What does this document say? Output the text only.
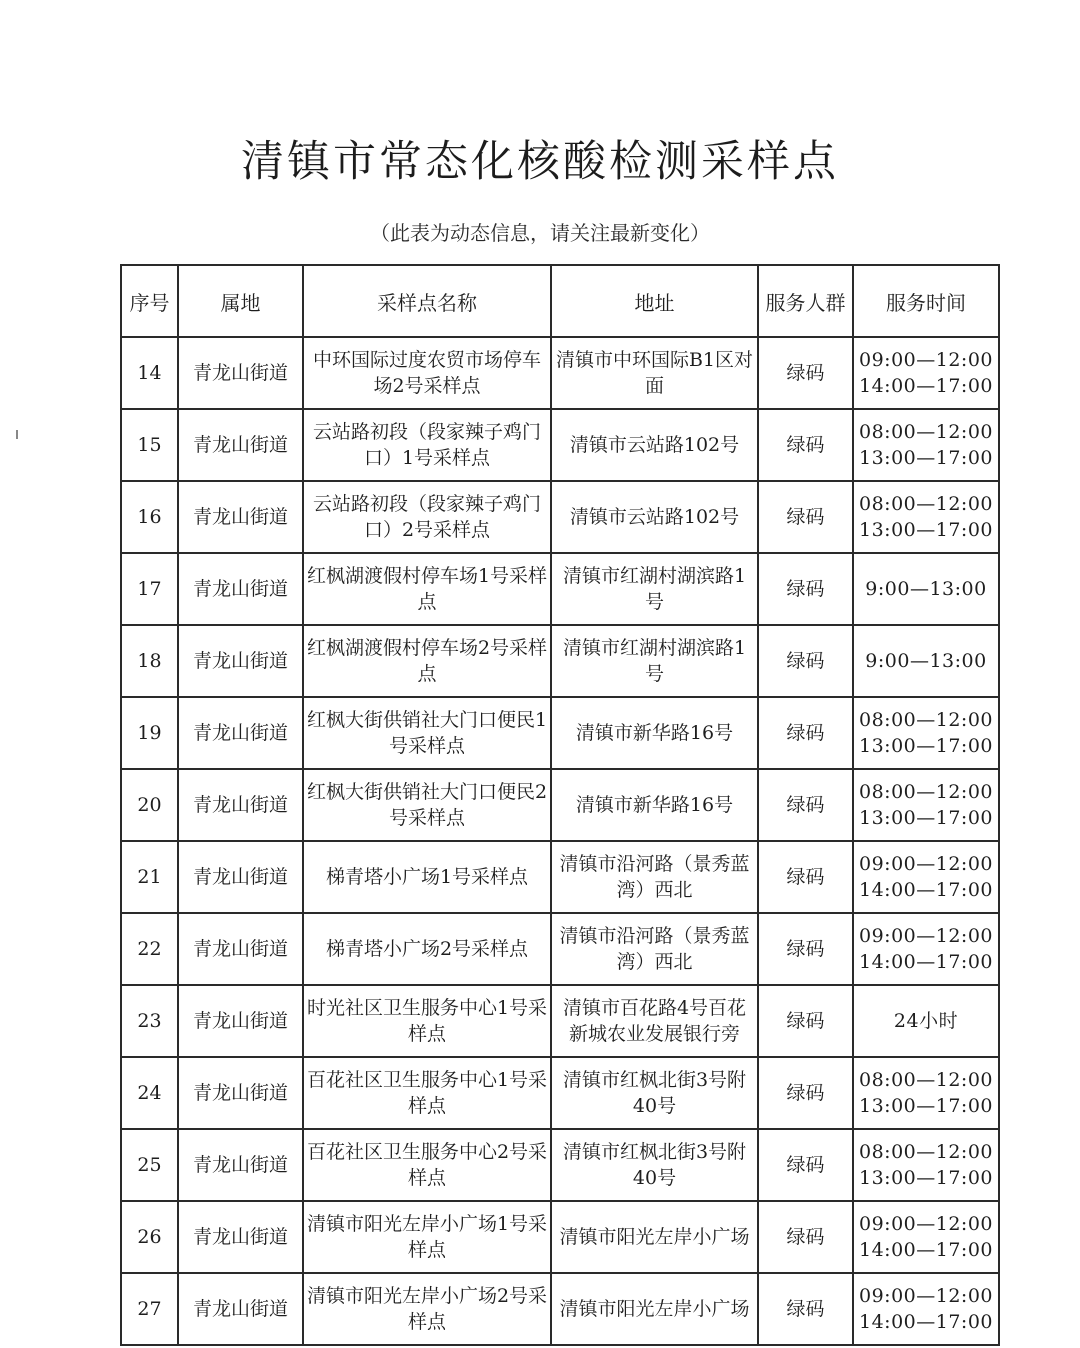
清镇市常态化核酸检测采样点
（此表为动态信息，请关注最新变化）
序号	属地	采样点名称	地址	服务人群	服务时间
14	青龙山街道	中环国际过度农贸市场停车场2号采样点	清镇市中环国际B1区对面	绿码	09:00—12:00
14:00—17:00

15	青龙山街道	云站路初段（段家辣子鸡门口）1号采样点	清镇市云站路102号	绿码	08:00—12:00
13:00—17:00

16	青龙山街道	云站路初段（段家辣子鸡门口）2号采样点	清镇市云站路102号	绿码	08:00—12:00
13:00—17:00

17	青龙山街道	红枫湖渡假村停车场1号采样点	清镇市红湖村湖滨路1号	绿码	9:00—13:00

18	青龙山街道	红枫湖渡假村停车场2号采样点	清镇市红湖村湖滨路1号	绿码	9:00—13:00

19	青龙山街道	红枫大街供销社大门口便民1号采样点	清镇市新华路16号	绿码	08:00—12:00
13:00—17:00

20	青龙山街道	红枫大街供销社大门口便民2号采样点	清镇市新华路16号	绿码	08:00—12:00
13:00—17:00

21	青龙山街道	梯青塔小广场1号采样点	清镇市沿河路（景秀蓝湾）西北	绿码	09:00—12:00
14:00—17:00

22	青龙山街道	梯青塔小广场2号采样点	清镇市沿河路（景秀蓝湾）西北	绿码	09:00—12:00
14:00—17:00

23	青龙山街道	时光社区卫生服务中心1号采样点	清镇市百花路4号百花新城农业发展银行旁	绿码	24小时

24	青龙山街道	百花社区卫生服务中心1号采样点	清镇市红枫北街3号附40号	绿码	08:00—12:00
13:00—17:00

25	青龙山街道	百花社区卫生服务中心2号采样点	清镇市红枫北街3号附40号	绿码	08:00—12:00
13:00—17:00

26	青龙山街道	清镇市阳光左岸小广场1号采样点	清镇市阳光左岸小广场	绿码	09:00—12:00
14:00—17:00

27	青龙山街道	清镇市阳光左岸小广场2号采样点	清镇市阳光左岸小广场	绿码	09:00—12:00
14:00—17:00
